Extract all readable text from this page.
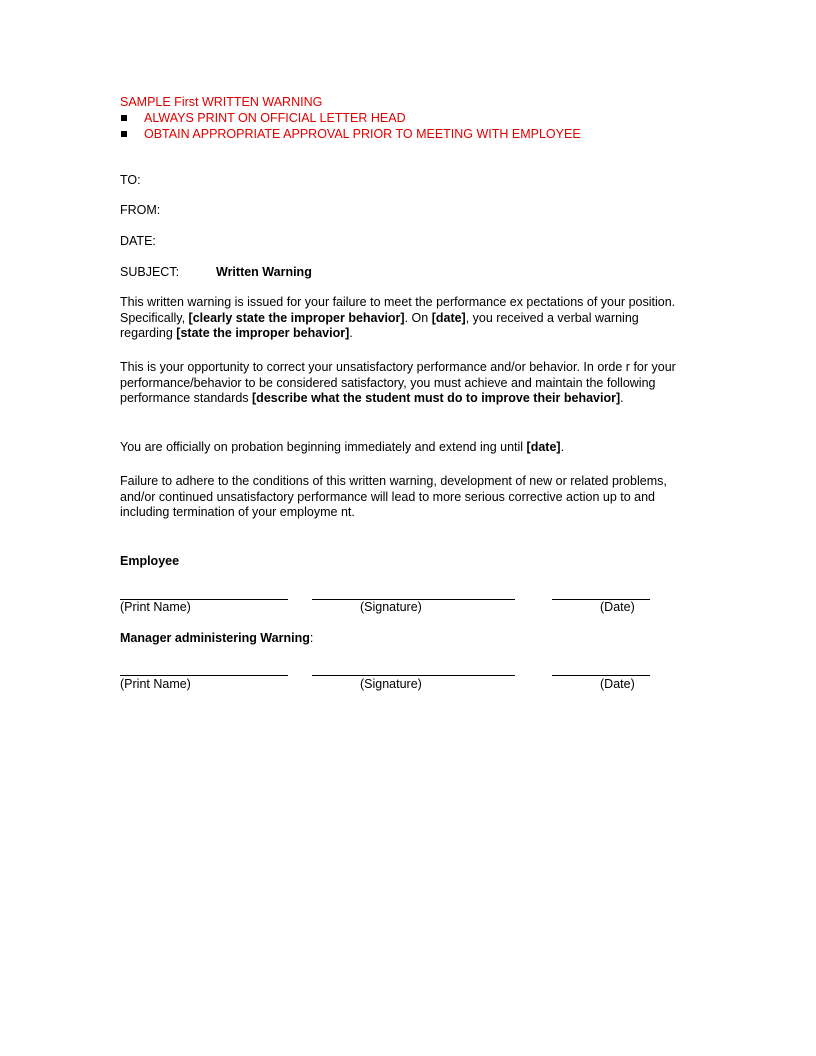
SAMPLE First WRITTEN WARNING
ALWAYS PRINT ON OFFICIAL LETTER HEAD
OBTAIN APPROPRIATE APPROVAL PRIOR TO MEETING WITH EMPLOYEE
TO:
FROM:
DATE:
SUBJECT:	Written Warning
This written warning is issued for your failure to meet the performance ex pectations of your position. Specifically, [clearly state the improper behavior]. On [date], you received a verbal warning regarding [state the improper behavior].
This is your opportunity to correct your unsatisfactory performance and/or behavior. In orde r for your performance/behavior to be considered satisfactory, you must achieve and maintain the following performance standards [describe what the student must do to improve their behavior].
You are officially on probation beginning immediately and extend ing until [date].
Failure to adhere to the conditions of this written warning, development of new or related problems, and/or continued unsatisfactory performance will lead to more serious corrective action up to and including termination of your employme nt.
Employee
(Print Name)	(Signature)	(Date)
Manager administering Warning:
(Print Name)	(Signature)	(Date)
